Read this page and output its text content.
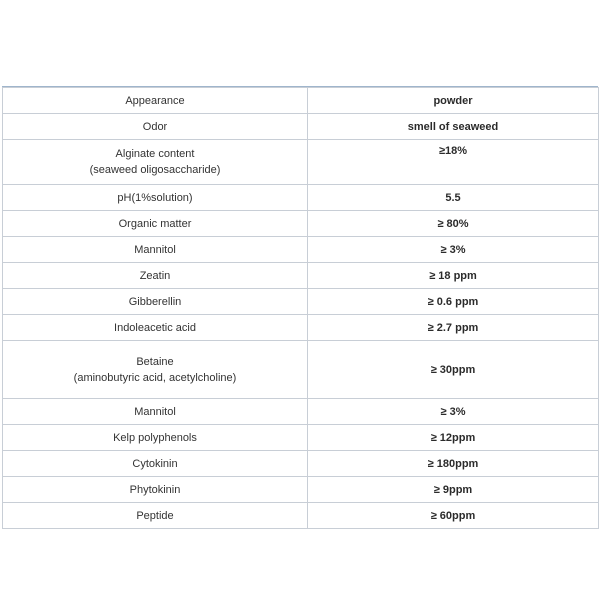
Appearance	powder

Odor	smell of seaweed

Alginate content
(seaweed oligosaccharide)	≥18%

pH(1%solution)	5.5

Organic matter	≥ 80%

Mannitol	≥ 3%

Zeatin	≥ 18 ppm

Gibberellin	≥ 0.6 ppm

Indoleacetic acid	≥ 2.7 ppm

Betaine
(aminobutyric acid, acetylcholine)	≥ 30ppm

Mannitol	≥ 3%

Kelp polyphenols	≥ 12ppm

Cytokinin	≥ 180ppm

Phytokinin	≥ 9ppm

Peptide	≥ 60ppm
